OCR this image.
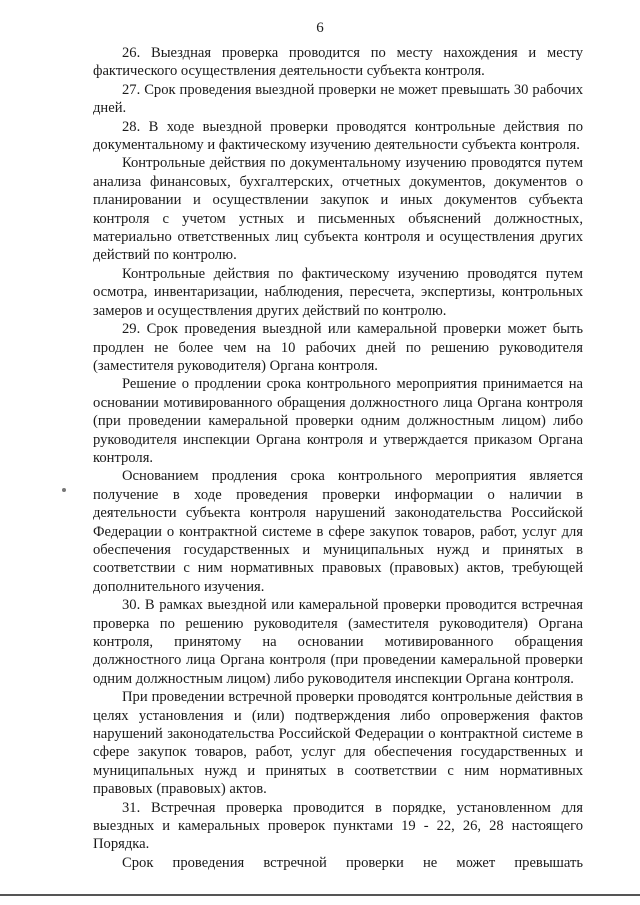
6

26. Выездная проверка проводится по месту нахождения и месту фактического осуществления деятельности субъекта контроля.

27. Срок проведения выездной проверки не может превышать 30 рабочих дней.

28. В ходе выездной проверки проводятся контрольные действия по документальному и фактическому изучению деятельности субъекта контроля.

Контрольные действия по документальному изучению проводятся путем анализа финансовых, бухгалтерских, отчетных документов, документов о планировании и осуществлении закупок и иных документов субъекта контроля с учетом устных и письменных объяснений должностных, материально ответственных лиц субъекта контроля и осуществления других действий по контролю.

Контрольные действия по фактическому изучению проводятся путем осмотра, инвентаризации, наблюдения, пересчета, экспертизы, контрольных замеров и осуществления других действий по контролю.

29. Срок проведения выездной или камеральной проверки может быть продлен не более чем на 10 рабочих дней по решению руководителя (заместителя руководителя) Органа контроля.

Решение о продлении срока контрольного мероприятия принимается на основании мотивированного обращения должностного лица Органа контроля (при проведении камеральной проверки одним должностным лицом) либо руководителя инспекции Органа контроля и утверждается приказом Органа контроля.

Основанием продления срока контрольного мероприятия является получение в ходе проведения проверки информации о наличии в деятельности субъекта контроля нарушений законодательства Российской Федерации о контрактной системе в сфере закупок товаров, работ, услуг для обеспечения государственных и муниципальных нужд и принятых в соответствии с ним нормативных правовых (правовых) актов, требующей дополнительного изучения.

30. В рамках выездной или камеральной проверки проводится встречная проверка по решению руководителя (заместителя руководителя) Органа контроля, принятому на основании мотивированного обращения должностного лица Органа контроля (при проведении камеральной проверки одним должностным лицом) либо руководителя инспекции Органа контроля.

При проведении встречной проверки проводятся контрольные действия в целях установления и (или) подтверждения либо опровержения фактов нарушений законодательства Российской Федерации о контрактной системе в сфере закупок товаров, работ, услуг для обеспечения государственных и муниципальных нужд и принятых в соответствии с ним нормативных правовых (правовых) актов.

31. Встречная проверка проводится в порядке, установленном для выездных и камеральных проверок пунктами 19 - 22, 26, 28 настоящего Порядка.

Срок проведения встречной проверки не может превышать
